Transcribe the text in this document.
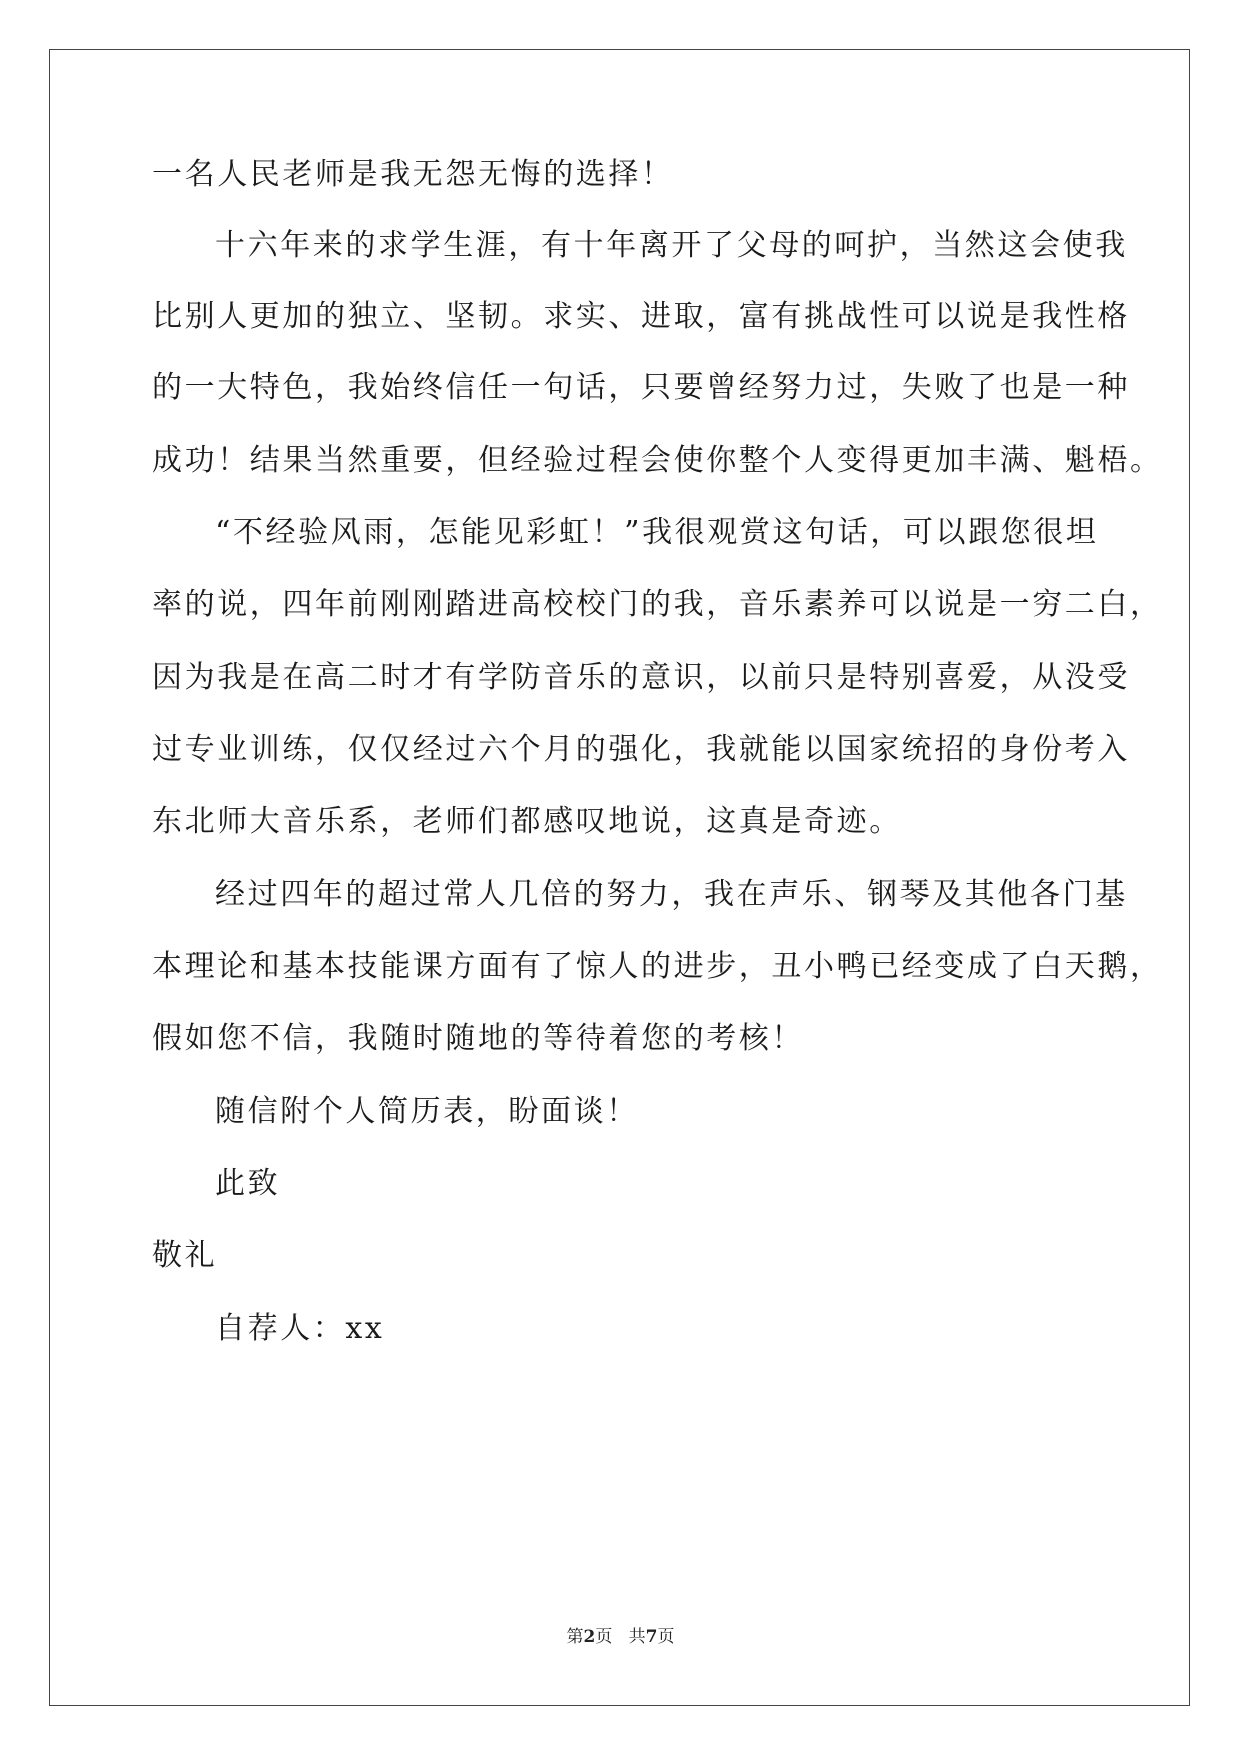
一名人民老师是我无怨无悔的选择！
十六年来的求学生涯，有十年离开了父母的呵护，当然这会使我
比别人更加的独立、坚韧。求实、进取，富有挑战性可以说是我性格
的一大特色，我始终信任一句话，只要曾经努力过，失败了也是一种
成功！结果当然重要，但经验过程会使你整个人变得更加丰满、魁梧。
“不经验风雨，怎能见彩虹！”我很观赏这句话，可以跟您很坦
率的说，四年前刚刚踏进高校校门的我，音乐素养可以说是一穷二白，
因为我是在高二时才有学防音乐的意识，以前只是特别喜爱，从没受
过专业训练，仅仅经过六个月的强化，我就能以国家统招的身份考入
东北师大音乐系，老师们都感叹地说，这真是奇迹。
经过四年的超过常人几倍的努力，我在声乐、钢琴及其他各门基
本理论和基本技能课方面有了惊人的进步，丑小鸭已经变成了白天鹅，
假如您不信，我随时随地的等待着您的考核！
随信附个人简历表，盼面谈！
此致
敬礼
自荐人：xx
第2页 共7页
